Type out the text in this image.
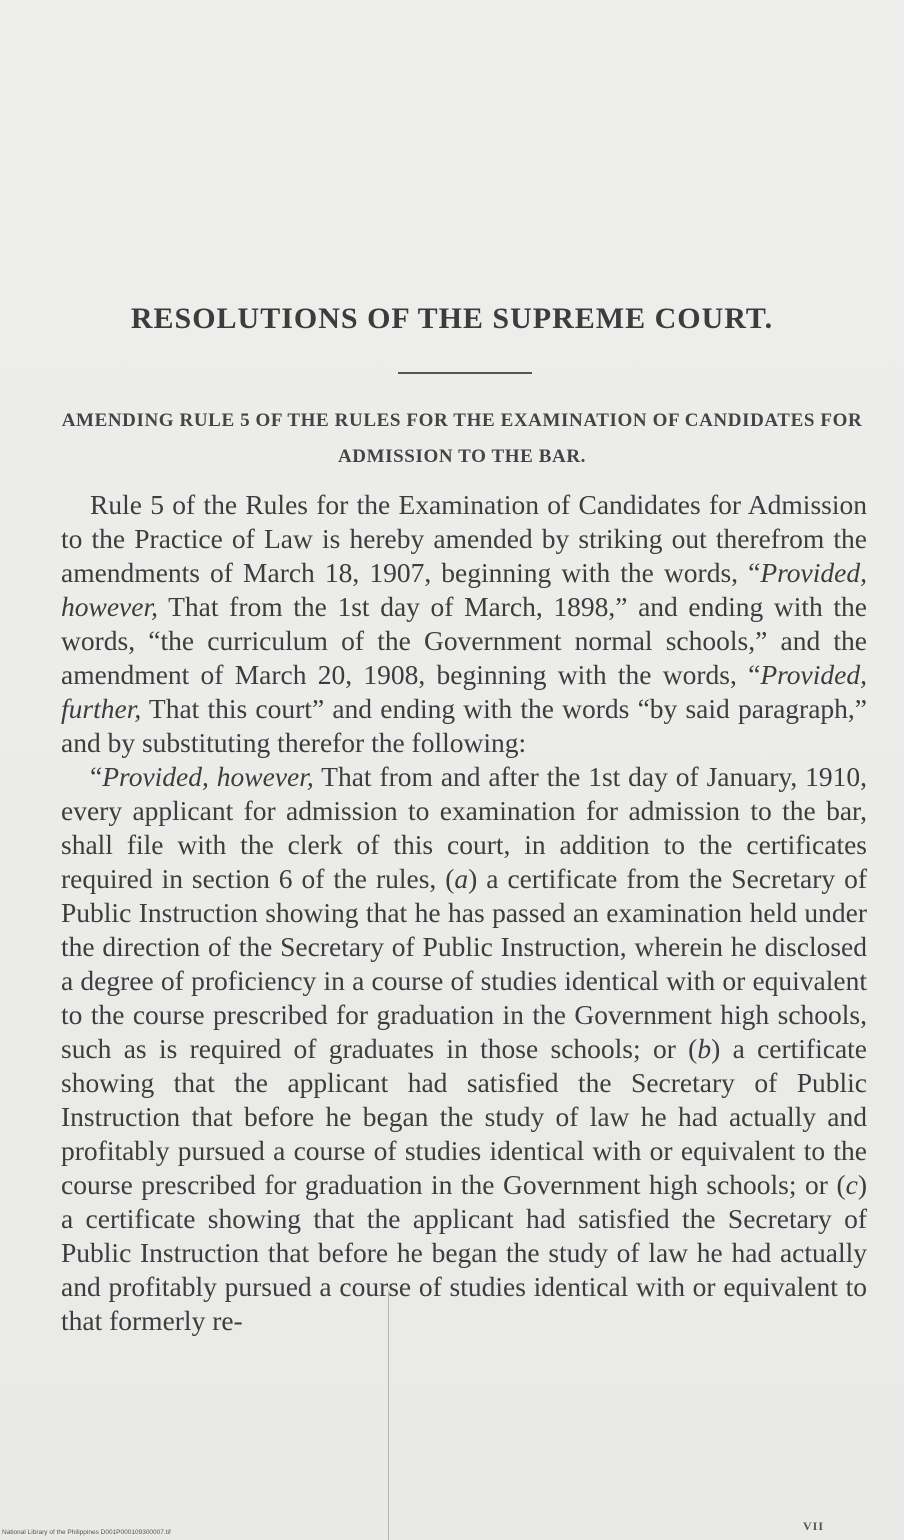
RESOLUTIONS OF THE SUPREME COURT.
AMENDING RULE 5 OF THE RULES FOR THE EXAMINATION OF CANDIDATES FOR ADMISSION TO THE BAR.

Rule 5 of the Rules for the Examination of Candidates for Admission to the Practice of Law is hereby amended by striking out therefrom the amendments of March 18, 1907, beginning with the words, “Provided, however, That from the 1st day of March, 1898,” and ending with the words, “the curriculum of the Government normal schools,” and the amendment of March 20, 1908, beginning with the words, “Provided, further, That this court” and ending with the words “by said paragraph,” and by substituting therefor the following:

“Provided, however, That from and after the 1st day of January, 1910, every applicant for admission to examination for admission to the bar, shall file with the clerk of this court, in addition to the certificates required in section 6 of the rules, (a) a certificate from the Secretary of Public Instruction showing that he has passed an examination held under the direction of the Secretary of Public Instruction, wherein he disclosed a degree of proficiency in a course of studies identical with or equivalent to the course prescribed for graduation in the Government high schools, such as is required of graduates in those schools; or (b) a certificate showing that the applicant had satisfied the Secretary of Public Instruction that before he began the study of law he had actually and profitably pursued a course of studies identical with or equivalent to the course prescribed for graduation in the Government high schools; or (c) a certificate showing that the applicant had satisfied the Secretary of Public Instruction that before he began the study of law he had actually and profitably pursued a course of studies identical with or equivalent to that formerly re-

National Library of the Philippines D001P000109300007.tif	VII
